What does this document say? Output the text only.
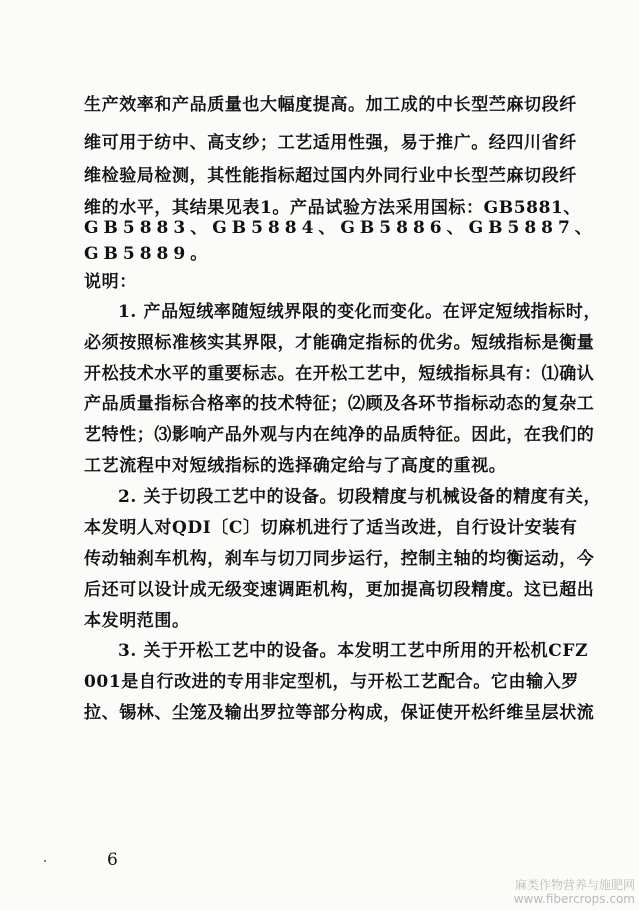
生产效率和产品质量也大幅度提高。加工成的中长型苎麻切段纤
维可用于纺中、高支纱；工艺适用性强，易于推广。经四川省纤
维检验局检测，其性能指标超过国内外同行业中长型苎麻切段纤
维的水平，其结果见表1。产品试验方法采用国标：GB5881、
GB5883、GB5884、GB5886、GB5887、
GB5889。
说明：
1. 产品短绒率随短绒界限的变化而变化。在评定短绒指标时，
必须按照标准核实其界限，才能确定指标的优劣。短绒指标是衡量
开松技术水平的重要标志。在开松工艺中，短绒指标具有：⑴确认
产品质量指标合格率的技术特征；⑵顾及各环节指标动态的复杂工
艺特性；⑶影响产品外观与内在纯净的品质特征。因此，在我们的
工艺流程中对短绒指标的选择确定给与了高度的重视。
2. 关于切段工艺中的设备。切段精度与机械设备的精度有关，
本发明人对QDI〔C〕切麻机进行了适当改进，自行设计安装有
传动轴刹车机构，刹车与切刀同步运行，控制主轴的均衡运动，今
后还可以设计成无级变速调距机构，更加提高切段精度。这已超出
本发明范围。
3. 关于开松工艺中的设备。本发明工艺中所用的开松机CFZ
001是自行改进的专用非定型机，与开松工艺配合。它由输入罗
拉、锡林、尘笼及输出罗拉等部分构成，保证使开松纤维呈层状流
6
麻类作物营养与施肥网
www.fibercrops.com
